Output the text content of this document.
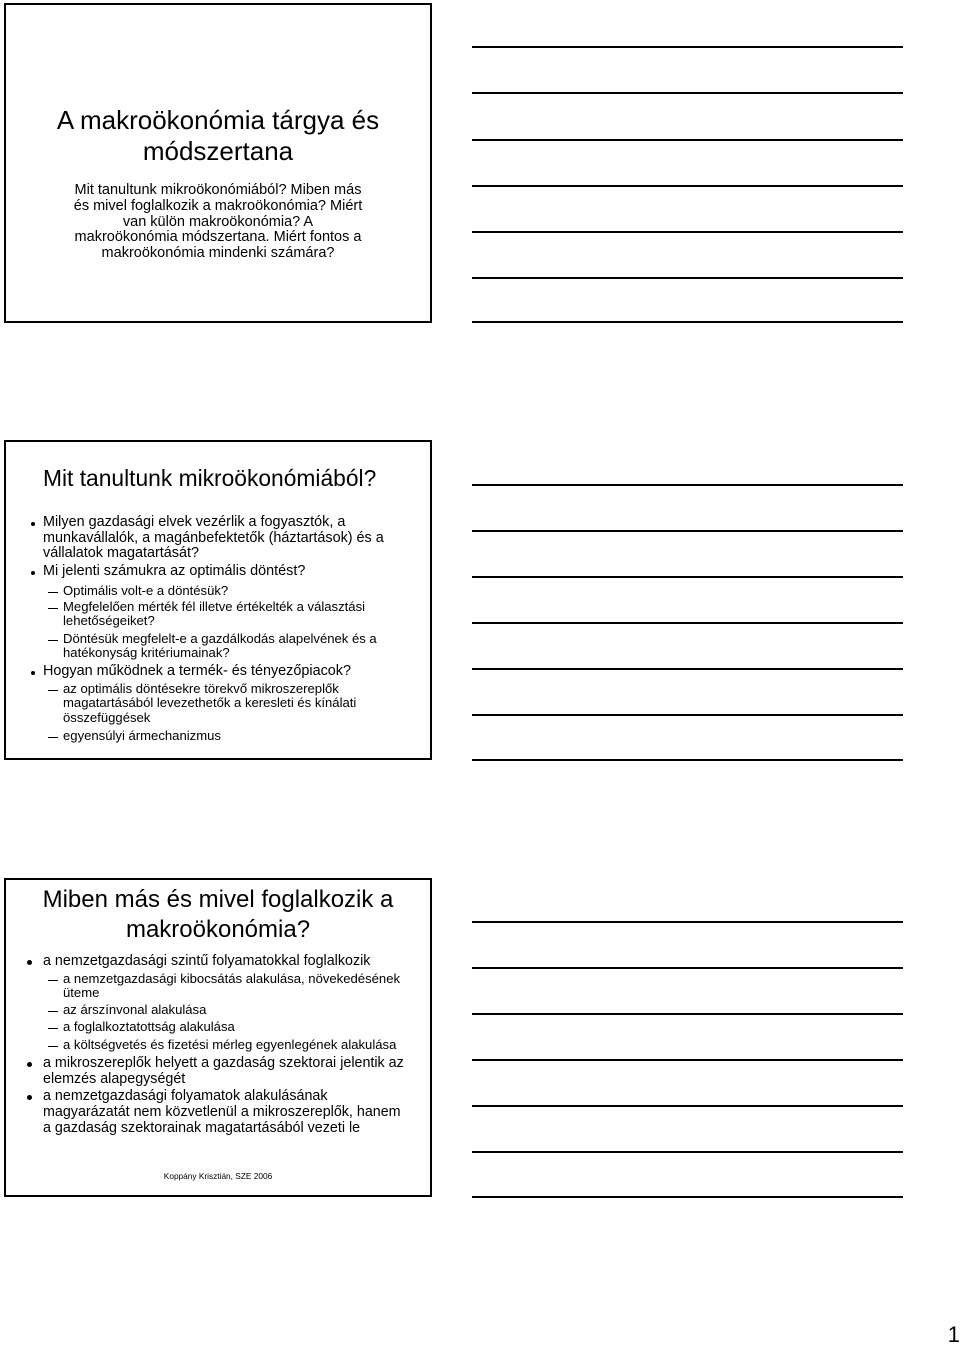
A makroökonómia tárgya és
módszertana
Mit tanultunk mikroökonómiából? Miben más
és mivel foglalkozik a makroökonómia? Miért
van külön makroökonómia? A
makroökonómia módszertana. Miért fontos a
makroökonómia mindenki számára?
Mit tanultunk mikroökonómiából?
Milyen gazdasági elvek vezérlik a fogyasztók, a
munkavállalók, a magánbefektetők (háztartások) és a
vállalatok magatartását?
Mi jelenti számukra az optimális döntést?
Optimális volt-e a döntésük?
Megfelelően mérték fél illetve értékelték a választási
lehetőségeiket?
Döntésük megfelelt-e a gazdálkodás alapelvének és a
hatékonyság kritériumainak?
Hogyan működnek a termék- és tényezőpiacok?
az optimális döntésekre törekvő mikroszereplők
magatartásából levezethetők a keresleti és kínálati
összefüggések
egyensúlyi ármechanizmus
Miben más és mivel foglalkozik a
makroökonómia?
a nemzetgazdasági szintű folyamatokkal foglalkozik
a nemzetgazdasági kibocsátás alakulása, növekedésének
üteme
az árszínvonal alakulása
a foglalkoztatottság alakulása
a költségvetés és fizetési mérleg egyenlegének alakulása
a mikroszereplők helyett a gazdaság szektorai jelentik az
elemzés alapegységét
a nemzetgazdasági folyamatok alakulásának
magyarázatát nem közvetlenül a mikroszereplők, hanem
a gazdaság szektorainak magatartásából vezeti le
Koppány Krisztián, SZE 2006
1
